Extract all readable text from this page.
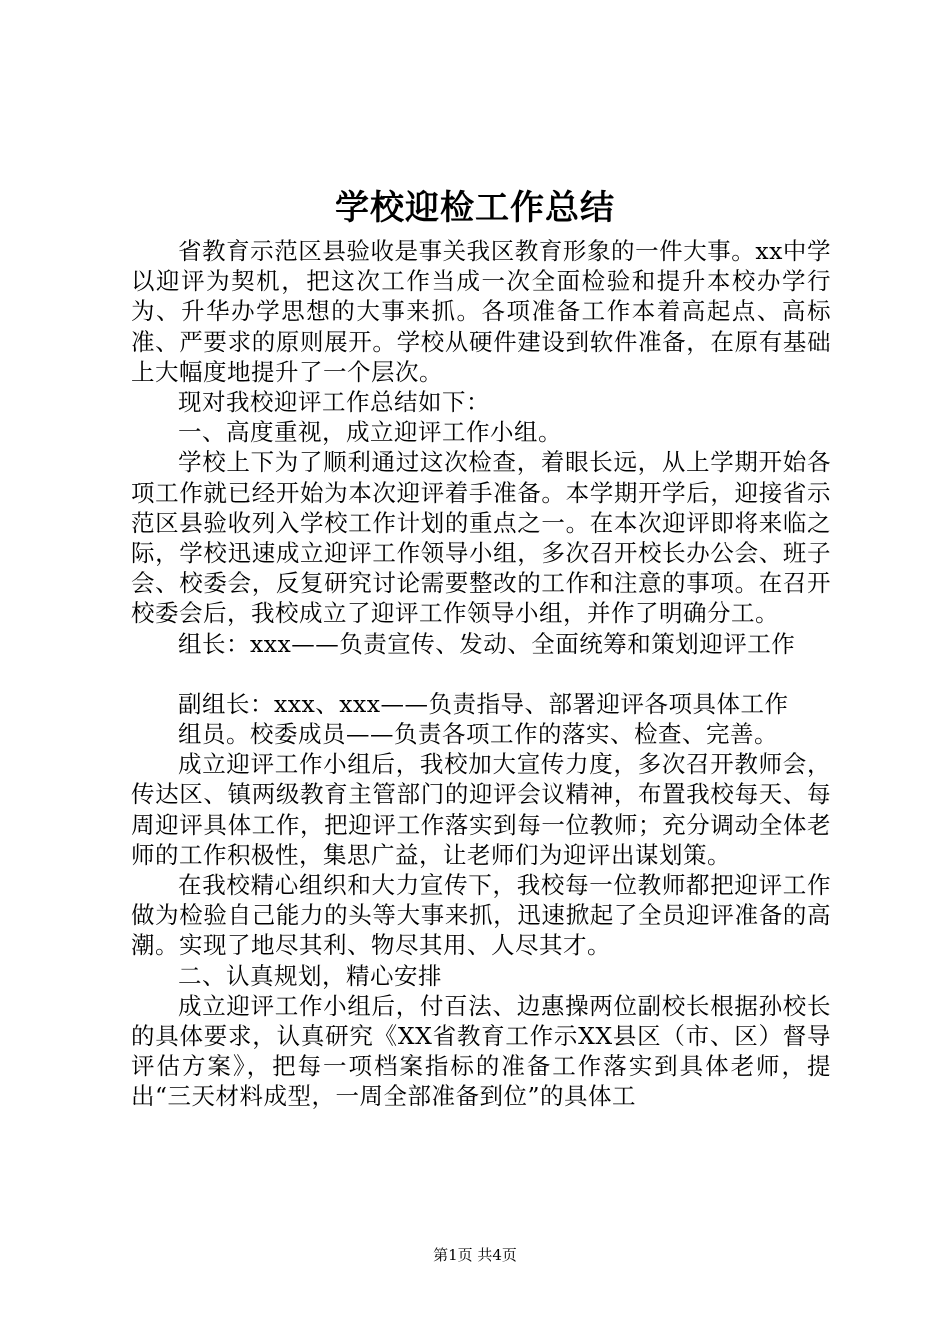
学校迎检工作总结

省教育示范区县验收是事关我区教育形象的一件大事。xx中学以迎评为契机，把这次工作当成一次全面检验和提升本校办学行为、升华办学思想的大事来抓。各项准备工作本着高起点、高标准、严要求的原则展开。学校从硬件建设到软件准备，在原有基础上大幅度地提升了一个层次。

现对我校迎评工作总结如下：

一、高度重视，成立迎评工作小组。

学校上下为了顺利通过这次检查，着眼长远，从上学期开始各项工作就已经开始为本次迎评着手准备。本学期开学后，迎接省示范区县验收列入学校工作计划的重点之一。在本次迎评即将来临之际，学校迅速成立迎评工作领导小组，多次召开校长办公会、班子会、校委会，反复研究讨论需要整改的工作和注意的事项。在召开校委会后，我校成立了迎评工作领导小组，并作了明确分工。

组长：xxx——负责宣传、发动、全面统筹和策划迎评工作

副组长：xxx、xxx——负责指导、部署迎评各项具体工作

组员。校委成员——负责各项工作的落实、检查、完善。

成立迎评工作小组后，我校加大宣传力度，多次召开教师会，传达区、镇两级教育主管部门的迎评会议精神，布置我校每天、每周迎评具体工作，把迎评工作落实到每一位教师；充分调动全体老师的工作积极性，集思广益，让老师们为迎评出谋划策。

在我校精心组织和大力宣传下，我校每一位教师都把迎评工作做为检验自己能力的头等大事来抓，迅速掀起了全员迎评准备的高潮。实现了地尽其利、物尽其用、人尽其才。

二、认真规划，精心安排

成立迎评工作小组后，付百法、边惠操两位副校长根据孙校长的具体要求，认真研究《XX省教育工作示XX县区（市、区）督导评估方案》，把每一项档案指标的准备工作落实到具体老师，提出“三天材料成型，一周全部准备到位”的具体工

第1页 共4页
